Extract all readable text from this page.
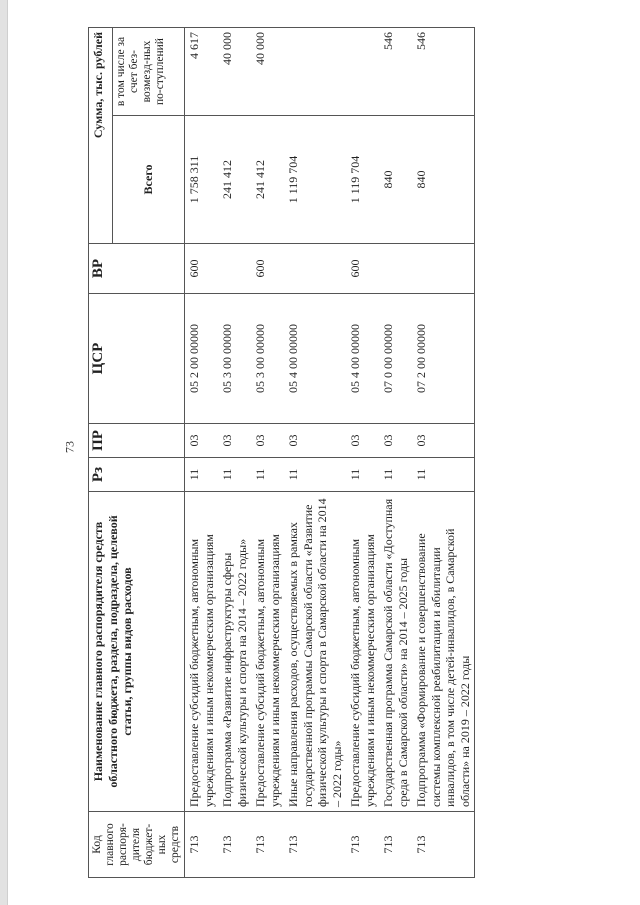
73
Код главного распоря-дителя бюджет-ных средств	Наименование главного распорядителя средств областного бюджета, раздела, подраздела, целевой статьи, группы видов расходов	Рз	ПР	ЦСР	ВР	Сумма, тыс. рублей	
						Всего	в том числе за счет без-возмезд-ных по-ступлений
713	Предоставление субсидий бюджетным, автономным учреждениям и иным некоммерческим организациям	11	03	05 2 00 00000	600	1 758 311	4 617
713	Подпрограмма «Развитие инфраструктуры сферы физической культуры и спорта на 2014 – 2022 годы»	11	03	05 3 00 00000		241 412	40 000
713	Предоставление субсидий бюджетным, автономным учреждениям и иным некоммерческим организациям	11	03	05 3 00 00000	600	241 412	40 000
713	Иные направления расходов, осуществляемых в рамках государственной программы Самарской области «Развитие физической культуры и спорта в Самарской области на 2014 – 2022 годы»	11	03	05 4 00 00000		1 119 704	
713	Предоставление субсидий бюджетным, автономным учреждениям и иным некоммерческим организациям	11	03	05 4 00 00000	600	1 119 704	
713	Государственная программа Самарской области «Доступная среда в Самарской области» на 2014 – 2025 годы	11	03	07 0 00 00000		840	546
713	Подпрограмма «Формирование и совершенствование системы комплексной реабилитации и абилитации инвалидов, в том числе детей-инвалидов, в Самарской области» на 2019 – 2022 годы	11	03	07 2 00 00000		840	546
